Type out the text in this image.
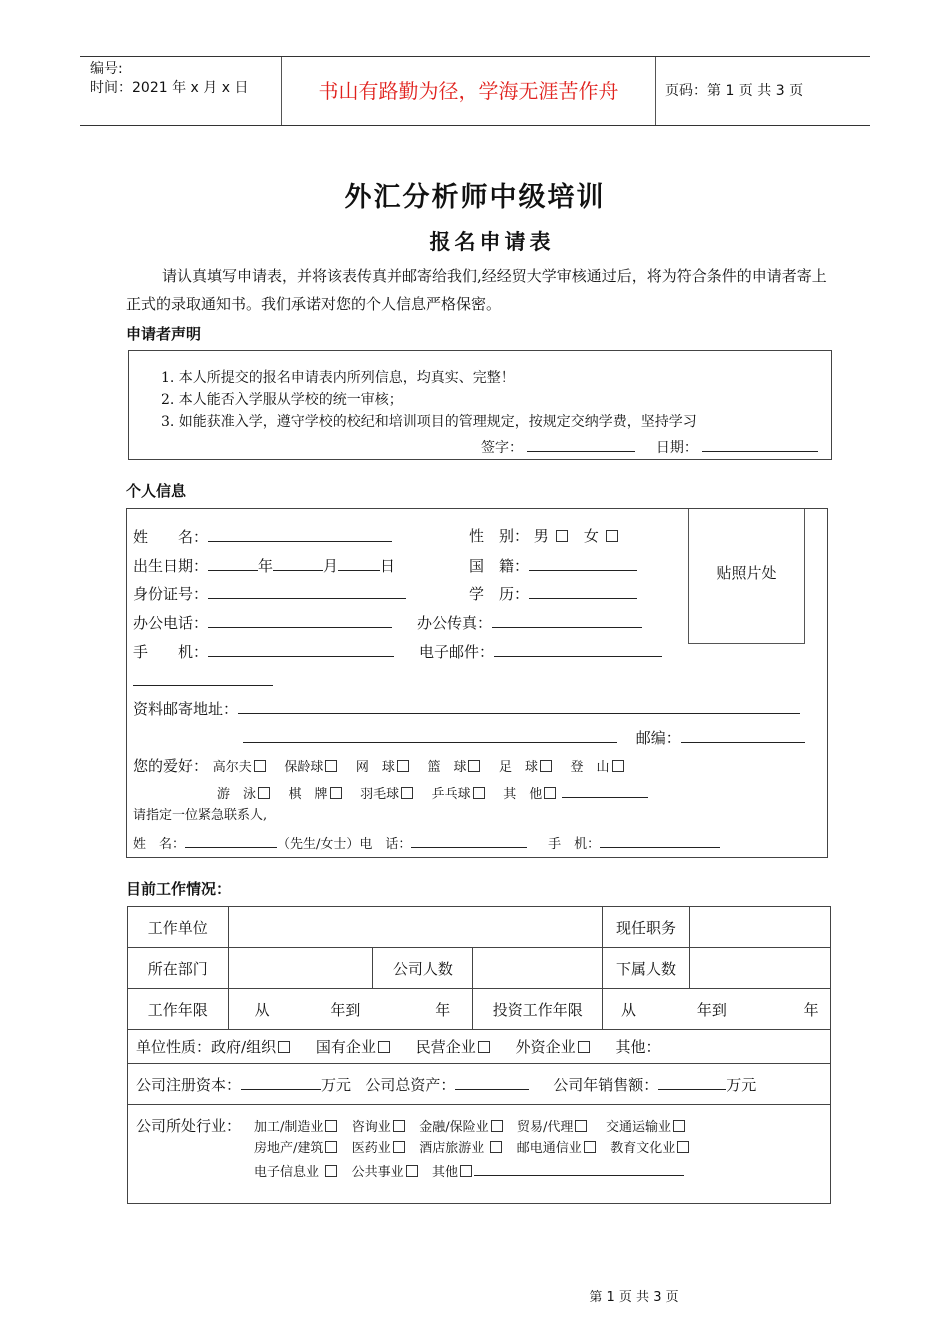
编号:
时间：2021 年 x 月 x 日	书山有路勤为径，学海无涯苦作舟	页码：第 1 页 共 3 页
外汇分析师中级培训
报名申请表
请认真填写申请表，并将该表传真并邮寄给我们,经经贸大学审核通过后，将为符合条件的申请者寄上正式的录取通知书。我们承诺对您的个人信息严格保密。
申请者声明
1. 本人所提交的报名申请表内所列信息，均真实、完整！
2. 本人能否入学服从学校的统一审核；
3. 如能获准入学，遵守学校的校纪和培训项目的管理规定，按规定交纳学费，坚持学习
签字：	日期：
个人信息
贴照片处
姓　　名：	性　别： 男 女
出生日期：	年	月	日	国　籍：
身份证号：	学　历：
办公电话：	办公传真：
手　　机：	电子邮件：
资料邮寄地址：
邮编：
您的爱好： 高尔夫	保龄球	网　球	篮　球	足　球	登　山
游　泳	棋　牌	羽毛球	乒乓球	其　他
请指定一位紧急联系人,
姓　名：	（先生/女士）电　话：	手　机：
目前工作情况：
工作单位				现任职务	
所在部门		公司人数		下属人数	
工作年限	从 年到 年		投资工作年限	从 年到 年	
单位性质：政府/组织 国有企业 民营企业 外资企业 其他：					
公司注册资本： 万元 公司总资产： 公司年销售额： 万元					

公司所处行业： 加工/制造业 咨询业 金融/保险业 贸易/代理 交通运输业
房地产/建筑 医药业 酒店旅游业 邮电通信业 教育文化业
电子信息业 公共事业 其他					
第 1 页 共 3 页
